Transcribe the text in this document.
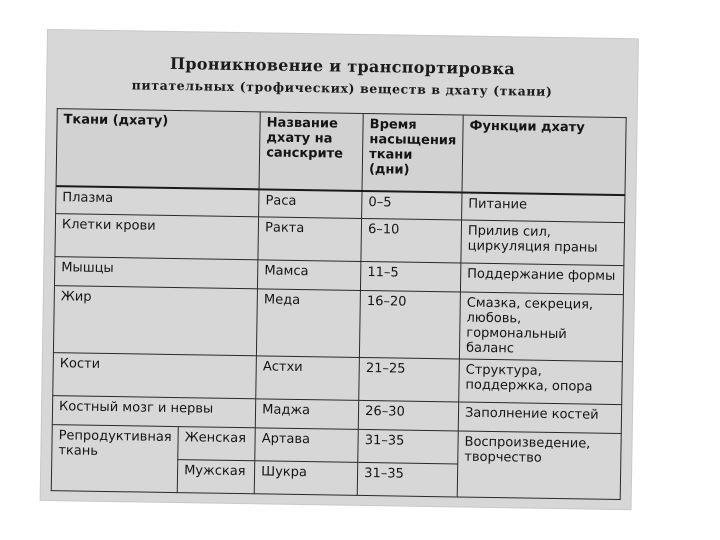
Проникновение и транспортировка
питательных (трофических) веществ в дхату (ткани)
Ткани (дхату)		Название дхату на санскрите	Время насыщения ткани (дни)	Функции дхату
Плазма		Раса	0–5	Питание
Клетки крови		Ракта	6–10	Прилив сил, циркуляция праны
Мышцы		Мамса	11–5	Поддержание формы
Жир		Меда	16–20	Смазка, секреция, любовь, гормональный баланс
Кости		Астхи	21–25	Структура, поддержка, опора
Костный мозг и нервы		Маджа	26–30	Заполнение костей
Репродуктивная ткань	Женская	Артава	31–35	Воспроизведение, творчество
	Мужская	Шукра	31–35	
